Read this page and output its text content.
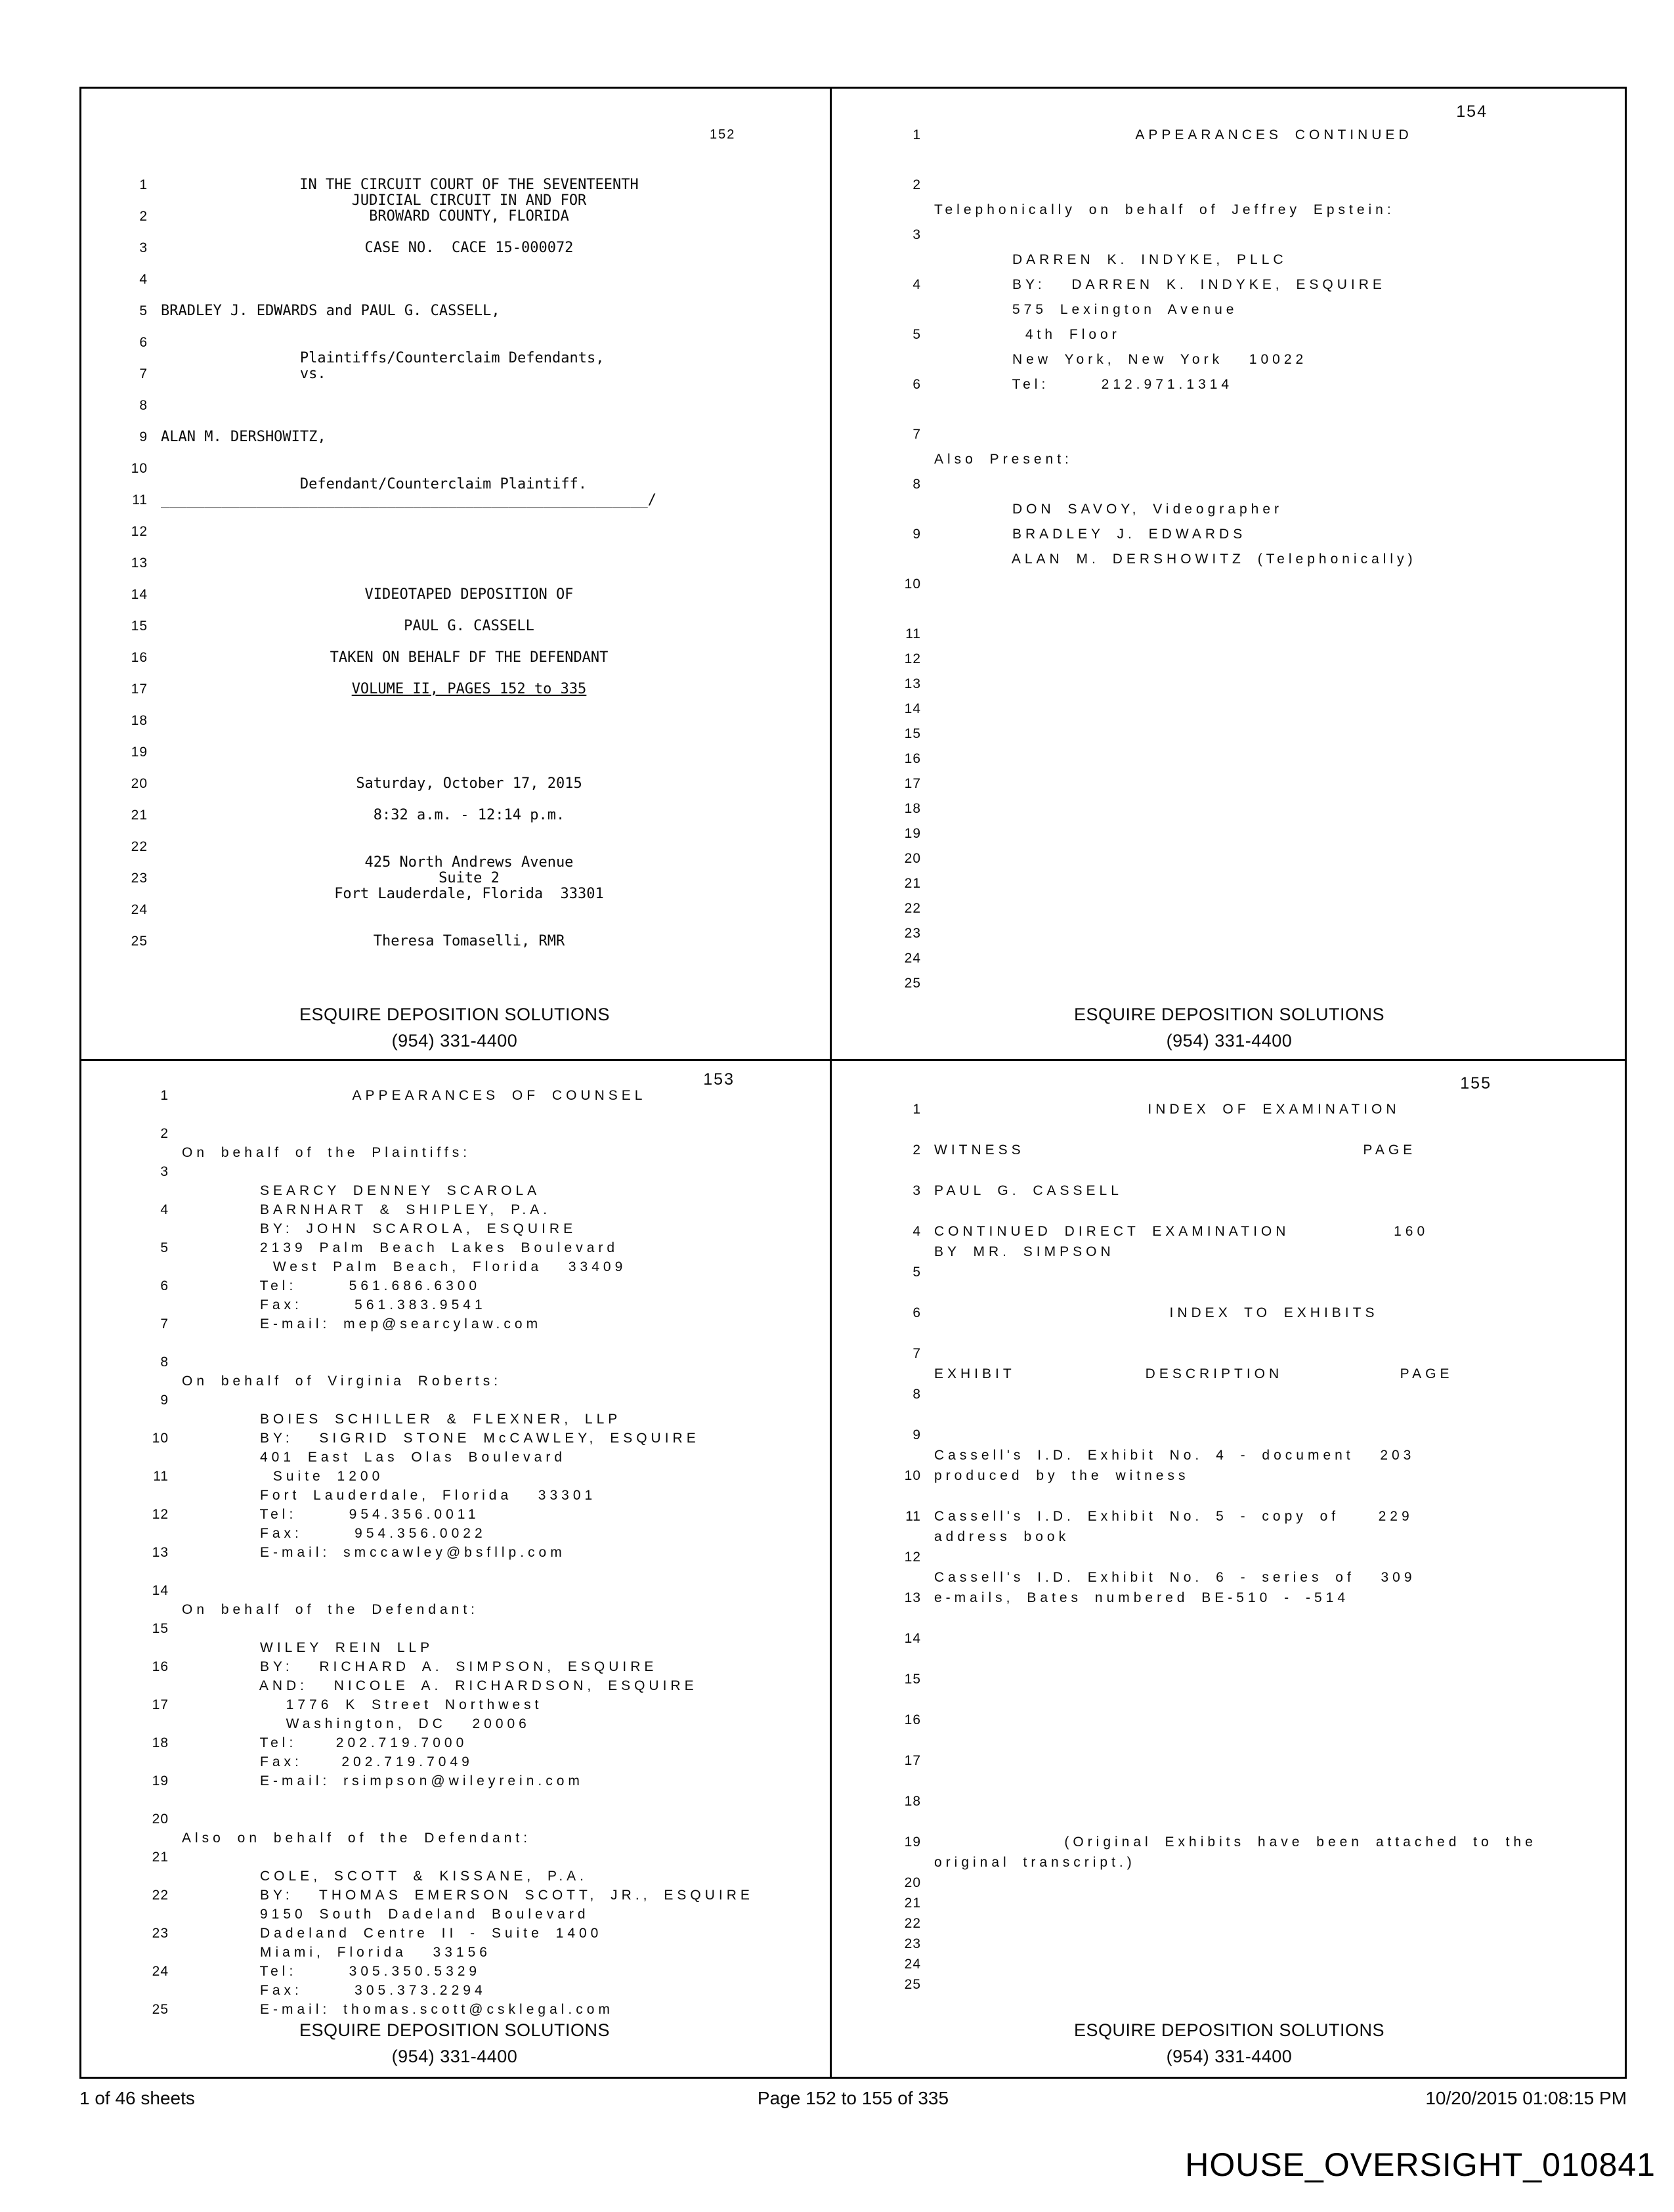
152
1	IN THE CIRCUIT COURT OF THE SEVENTEENTH
JUDICIAL CIRCUIT IN AND FOR
2	BROWARD COUNTY, FLORIDA
3	CASE NO.  CACE 15-000072
4
5 BRADLEY J. EDWARDS and PAUL G. CASSELL,
6
Plaintiffs/Counterclaim Defendants,
7 vs.
8
9 ALAN M. DERSHOWITZ,
10
Defendant/Counterclaim Plaintiff.
11 ________________________________________________________/
12
13
14	VIDEOTAPED DEPOSITION OF
15	PAUL G. CASSELL
16	TAKEN ON BEHALF DF THE DEFENDANT
17	VOLUME II, PAGES 152 to 335
18
19
20	Saturday, October 17, 2015
21	8:32 a.m. - 12:14 p.m.
22
425 North Andrews Avenue
23	Suite 2
Fort Lauderdale, Florida  33301
24
25	Theresa Tomaselli, RMR
ESQUIRE DEPOSITION SOLUTIONS
(954) 331-4400
154
1	APPEARANCES CONTINUED
2
Telephonically on behalf of Jeffrey Epstein:
3
DARREN K. INDYKE, PLLC
4 BY:  DARREN K. INDYKE, ESQUIRE
575 Lexington Avenue
5 4th Floor
New York, New York  10022
6 Tel:    212.971.1314
7
Also Present:
8
DON SAVOY, Videographer
9 BRADLEY J. EDWARDS
ALAN M. DERSHOWITZ (Telephonically)
10
11
12
13
14
15
16
17
18
19
20
21
22
23
24
25
ESQUIRE DEPOSITION SOLUTIONS
(954) 331-4400
153
1	APPEARANCES OF COUNSEL
2
On behalf of the Plaintiffs:
3
SEARCY DENNEY SCAROLA
4 BARNHART & SHIPLEY, P.A.
BY: JOHN SCAROLA, ESQUIRE
5 2139 Palm Beach Lakes Boulevard
West Palm Beach, Florida  33409
6 Tel:    561.686.6300
Fax:    561.383.9541
7 E-mail: mep@searcylaw.com
8
On behalf of Virginia Roberts:
9
BOIES SCHILLER & FLEXNER, LLP
10 BY:  SIGRID STONE McCAWLEY, ESQUIRE
401 East Las Olas Boulevard
11 Suite 1200
Fort Lauderdale, Florida  33301
12 Tel:    954.356.0011
Fax:    954.356.0022
13 E-mail: smccawley@bsfllp.com
14
On behalf of the Defendant:
15
WILEY REIN LLP
16 BY:  RICHARD A. SIMPSON, ESQUIRE
AND:  NICOLE A. RICHARDSON, ESQUIRE
17 1776 K Street Northwest
Washington, DC  20006
18 Tel:   202.719.7000
Fax:   202.719.7049
19 E-mail: rsimpson@wileyrein.com
20
Also on behalf of the Defendant:
21
COLE, SCOTT & KISSANE, P.A.
22 BY:  THOMAS EMERSON SCOTT, JR., ESQUIRE
9150 South Dadeland Boulevard
23 Dadeland Centre II - Suite 1400
Miami, Florida  33156
24 Tel:    305.350.5329
Fax:    305.373.2294
25 E-mail: thomas.scott@csklegal.com
ESQUIRE DEPOSITION SOLUTIONS
(954) 331-4400
155
1	INDEX OF EXAMINATION
2 WITNESS                          PAGE
3 PAUL G. CASSELL
4 CONTINUED DIRECT EXAMINATION        160
BY MR. SIMPSON
5
6	INDEX TO EXHIBITS
7
EXHIBIT          DESCRIPTION         PAGE
8
9
Cassell's I.D. Exhibit No. 4 - document  203
10 produced by the witness
11 Cassell's I.D. Exhibit No. 5 - copy of   229
address book
12
Cassell's I.D. Exhibit No. 6 - series of  309
13 e-mails, Bates numbered BE-510 - -514
14
15
16
17
18
19 (Original Exhibits have been attached to the
original transcript.)
20
21
22
23
24
25
ESQUIRE DEPOSITION SOLUTIONS
(954) 331-4400
1 of 46 sheets	Page 152 to 155 of 335	10/20/2015 01:08:15 PM
HOUSE_OVERSIGHT_010841
